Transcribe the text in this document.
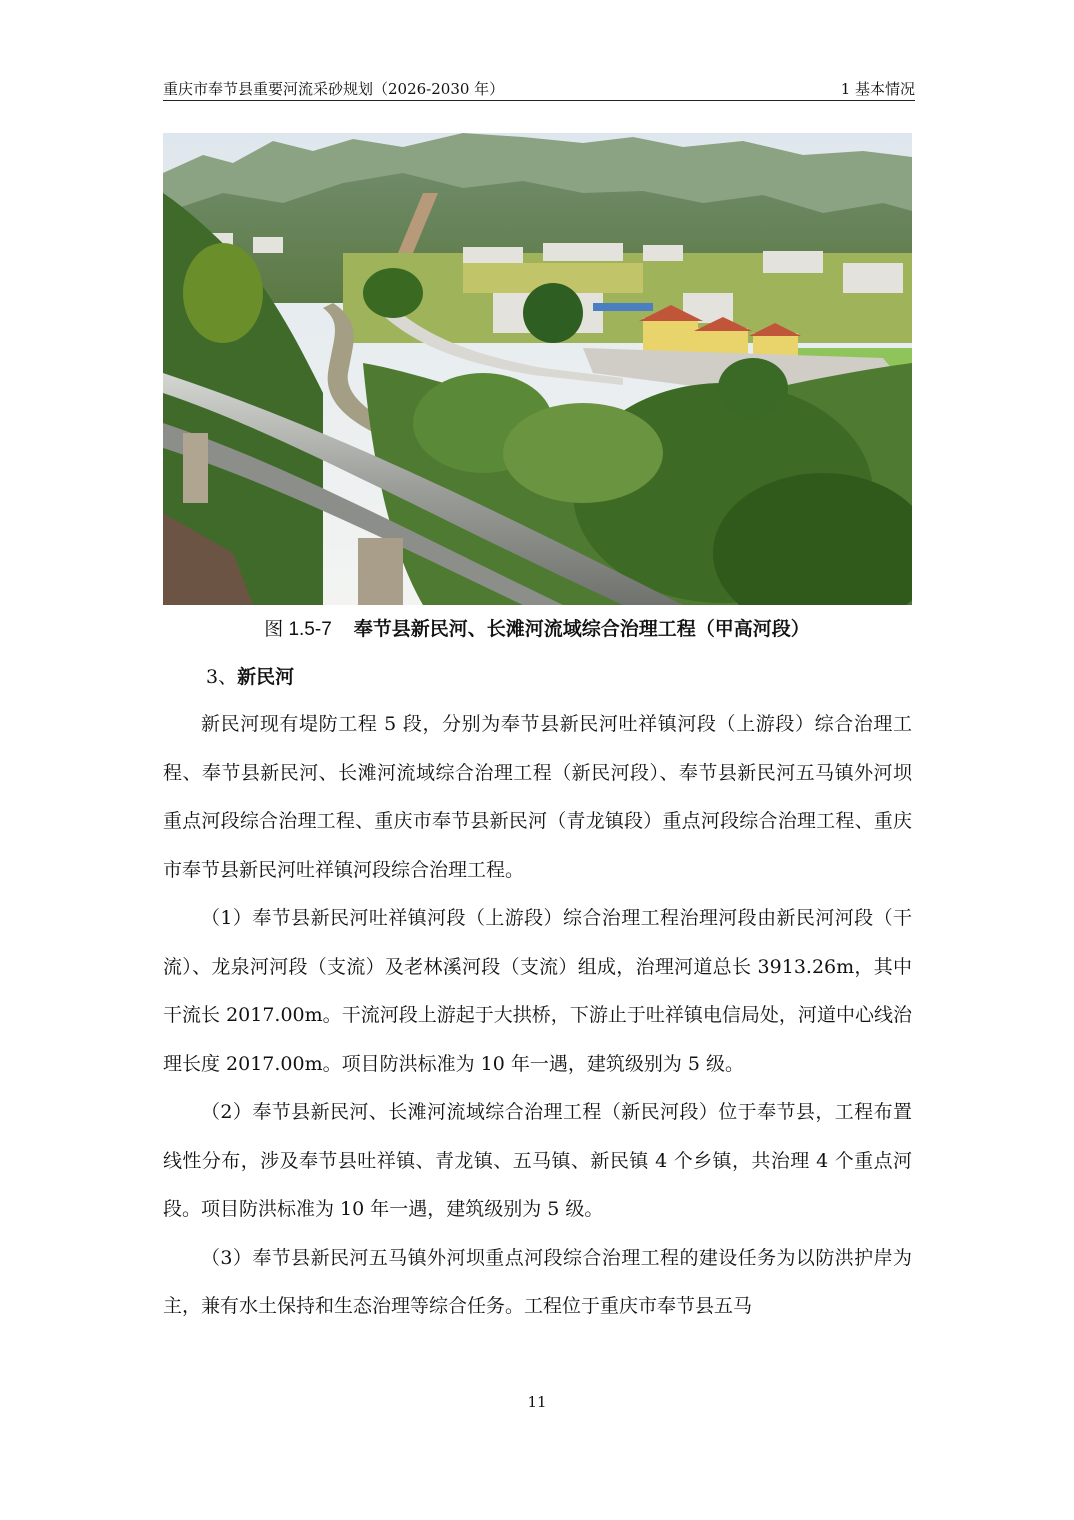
重庆市奉节县重要河流采砂规划（2026-2030 年）	1 基本情况
图 1.5-7 奉节县新民河、长滩河流域综合治理工程（甲高河段）
3、新民河

新民河现有堤防工程 5 段，分别为奉节县新民河吐祥镇河段（上游段）综合治理工程、奉节县新民河、长滩河流域综合治理工程（新民河段）、奉节县新民河五马镇外河坝重点河段综合治理工程、重庆市奉节县新民河（青龙镇段）重点河段综合治理工程、重庆市奉节县新民河吐祥镇河段综合治理工程。

（1）奉节县新民河吐祥镇河段（上游段）综合治理工程治理河段由新民河河段（干流）、龙泉河河段（支流）及老林溪河段（支流）组成，治理河道总长 3913.26m，其中干流长 2017.00m。干流河段上游起于大拱桥，下游止于吐祥镇电信局处，河道中心线治理长度 2017.00m。项目防洪标准为 10 年一遇，建筑级别为 5 级。

（2）奉节县新民河、长滩河流域综合治理工程（新民河段）位于奉节县，工程布置线性分布，涉及奉节县吐祥镇、青龙镇、五马镇、新民镇 4 个乡镇，共治理 4 个重点河段。项目防洪标准为 10 年一遇，建筑级别为 5 级。

（3）奉节县新民河五马镇外河坝重点河段综合治理工程的建设任务为以防洪护岸为主，兼有水土保持和生态治理等综合任务。工程位于重庆市奉节县五马

11
